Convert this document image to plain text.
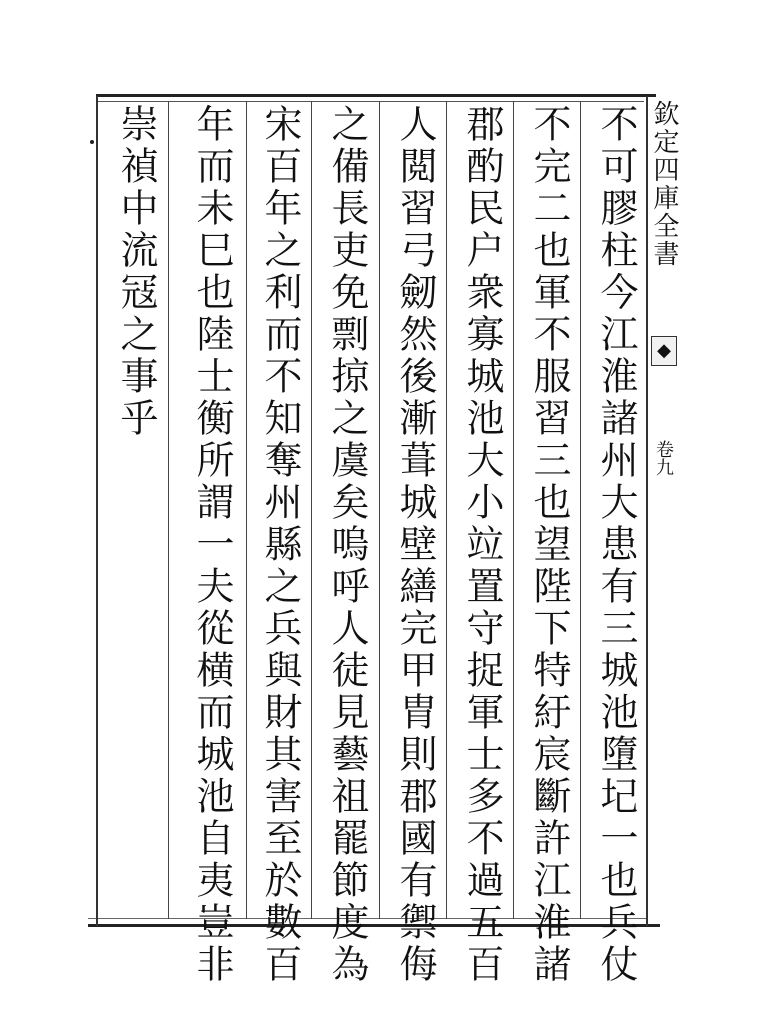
不可膠柱今江淮諸州大患有三城池墮圮一也兵仗
不完二也軍不服習三也望陛下特紆宸斷許江淮諸
郡酌民户衆寡城池大小竝置守捉軍士多不過五百
人閲習弓劒然後漸葺城壁繕完甲胄則郡國有禦侮
之備長吏免剽掠之虞矣嗚呼人徒見藝祖罷節度為
宋百年之利而不知奪州縣之兵與財其害至於數百
年而未巳也陸士衡所謂一夫從横而城池自夷豈非
崇禎中流冦之事乎	欽定四庫全書
◆
卷九
